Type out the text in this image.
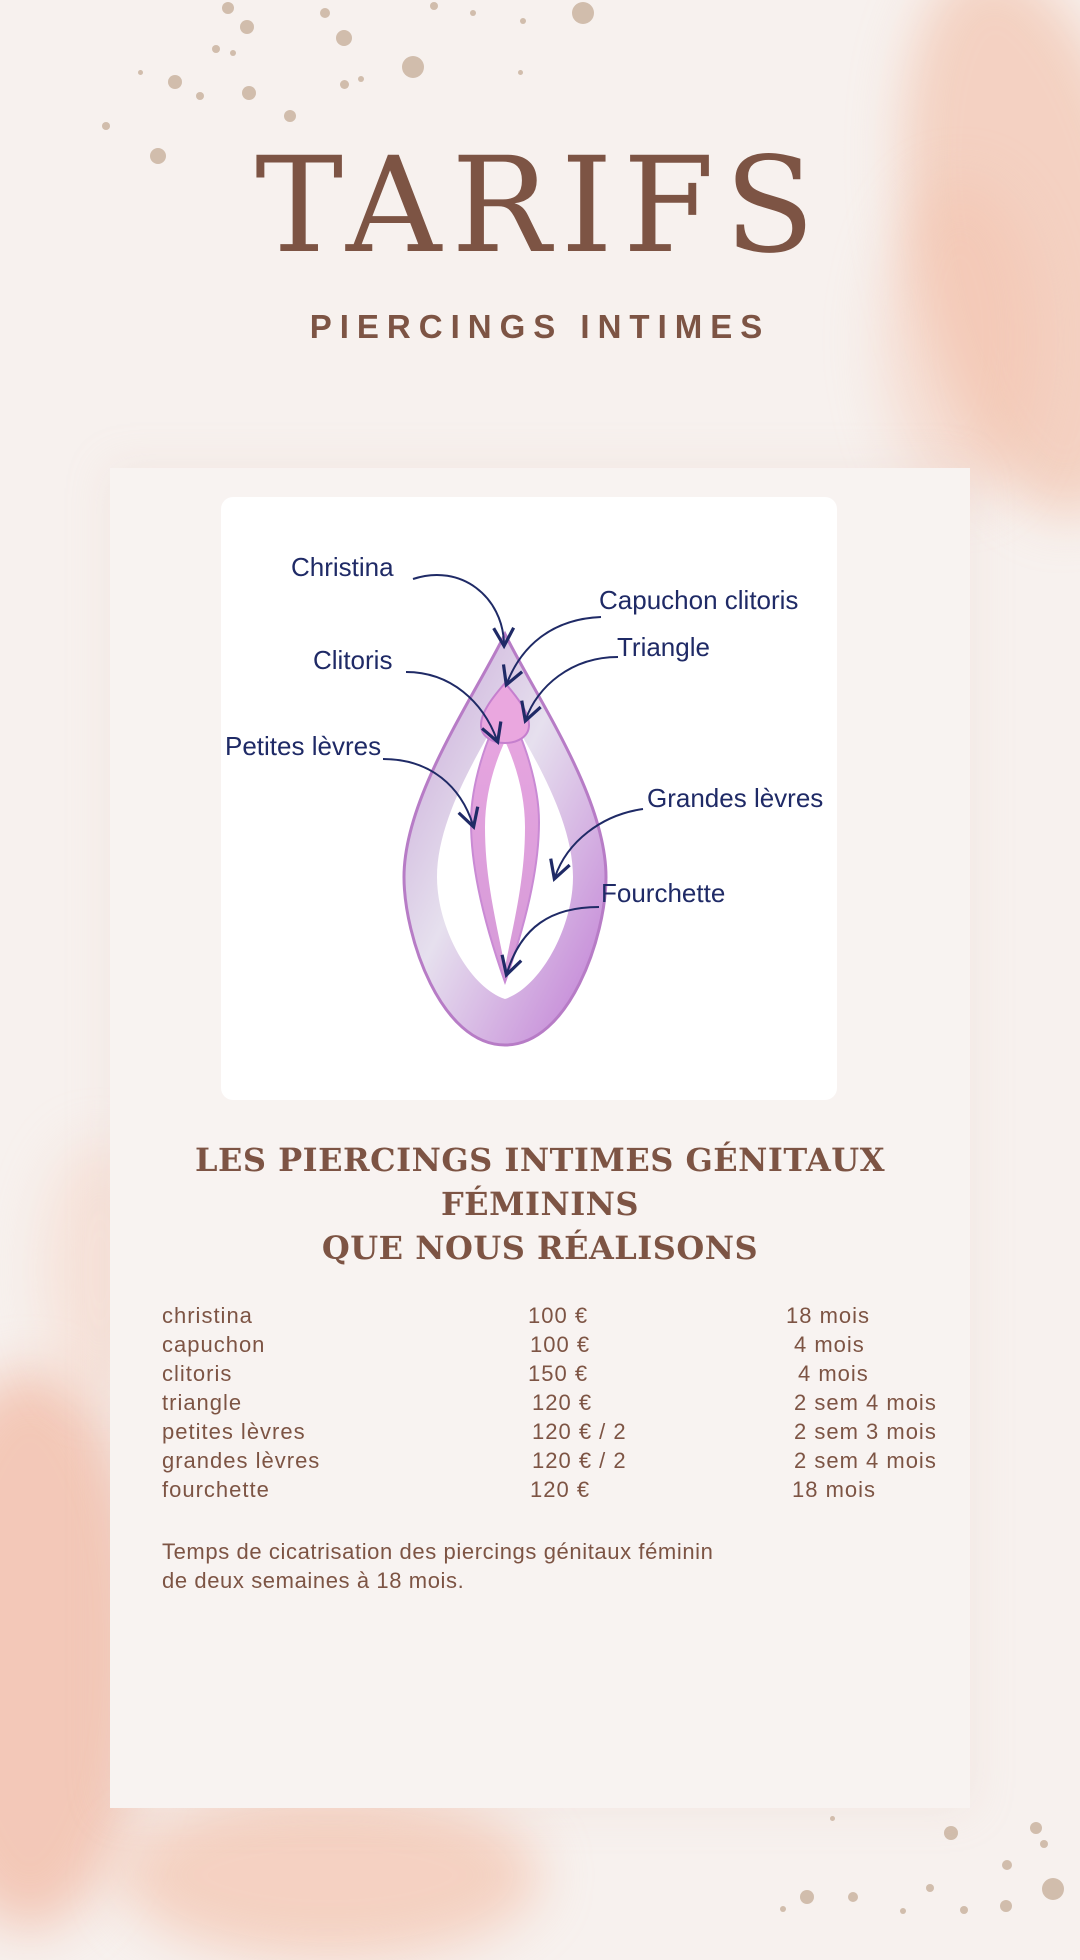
TARIFS
PIERCINGS INTIMES
Christina
Capuchon clitoris
Clitoris	Triangle
Petites lèvres
Grandes lèvres
Fourchette
LES PIERCINGS INTIMES GÉNITAUX FÉMININS
QUE NOUS RÉALISONS
christina	100 €	18 mois
capuchon	100 €	4 mois
clitoris	150 €	4 mois
triangle	120 €	2 sem 4 mois
petites lèvres	120 € / 2	2 sem 3 mois
grandes lèvres	120 € / 2	2 sem 4 mois
fourchette	120 €	18 mois

Temps de cicatrisation des piercings génitaux féminin
de deux semaines à 18 mois.
